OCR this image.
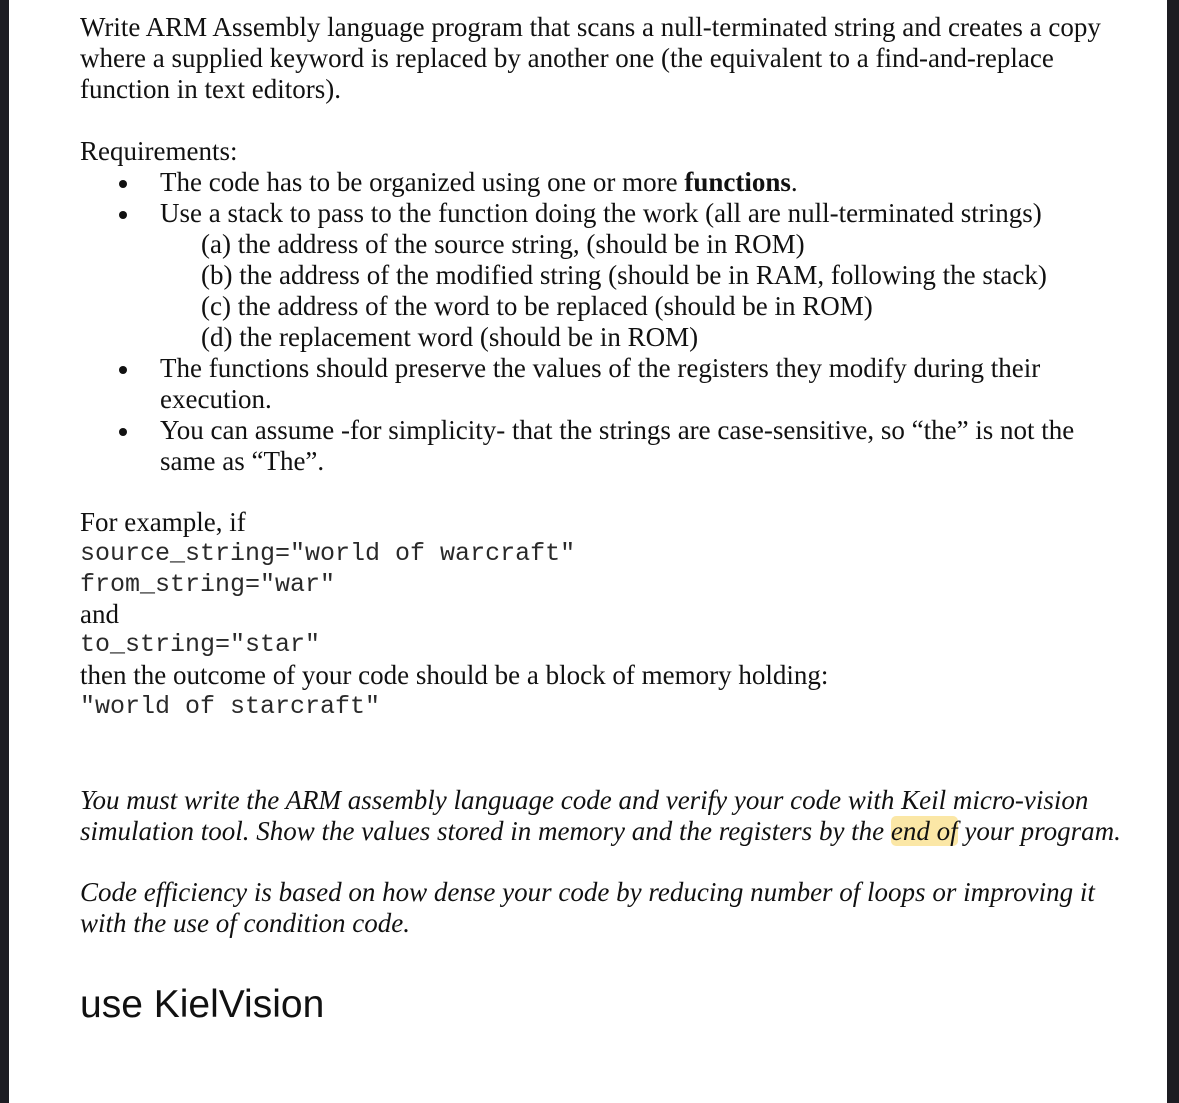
Write ARM Assembly language program that scans a null-terminated string and creates a copy
where a supplied keyword is replaced by another one (the equivalent to a find-and-replace
function in text editors).
Requirements:
The code has to be organized using one or more functions.
Use a stack to pass to the function doing the work (all are null-terminated strings)
(a) the address of the source string, (should be in ROM)
(b) the address of the modified string (should be in RAM, following the stack)
(c) the address of the word to be replaced (should be in ROM)
(d) the replacement word (should be in ROM)
The functions should preserve the values of the registers they modify during their
execution.
You can assume -for simplicity- that the strings are case-sensitive, so “the” is not the
same as “The”.
For example, if
source_string="world of warcraft"
from_string="war"
and
to_string="star"
then the outcome of your code should be a block of memory holding:
"world of starcraft"
You must write the ARM assembly language code and verify your code with Keil micro-vision
simulation tool. Show the values stored in memory and the registers by the end of your program.
Code efficiency is based on how dense your code by reducing number of loops or improving it
with the use of condition code.
use KielVision
